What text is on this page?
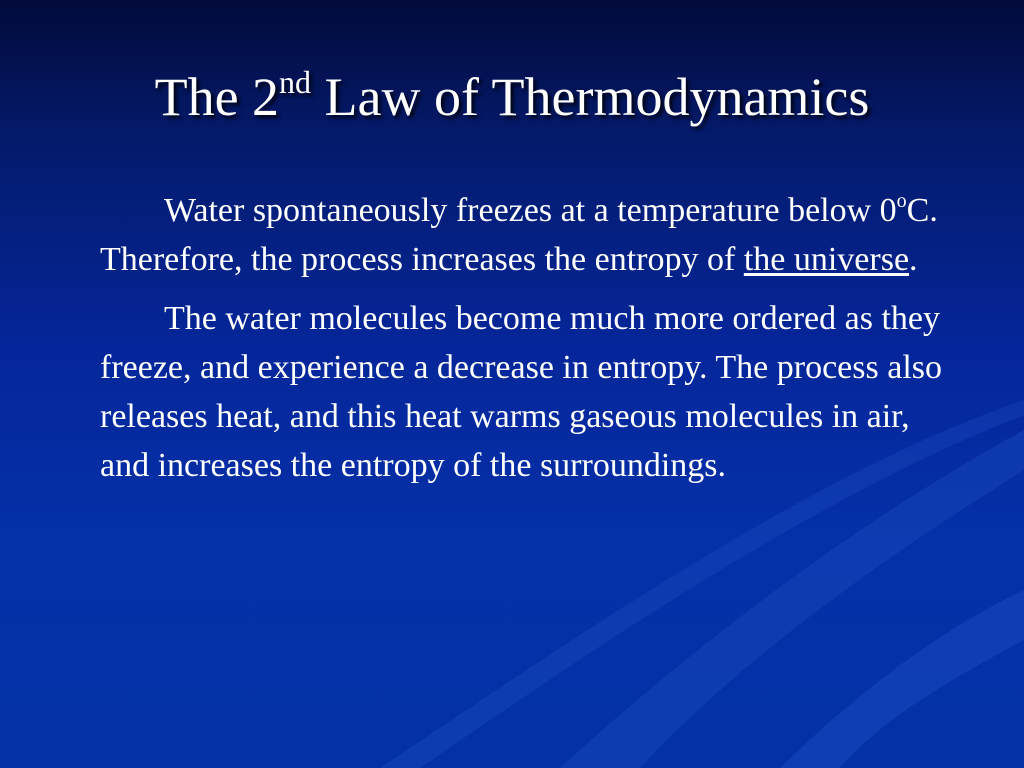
The 2nd Law of Thermodynamics

Water spontaneously freezes at a temperature below 0$^o$C. Therefore, the process increases the entropy of the universe.

The water molecules become much more ordered as they freeze, and experience a decrease in entropy. The process also releases heat, and this heat warms gaseous molecules in air, and increases the entropy of the surroundings.
